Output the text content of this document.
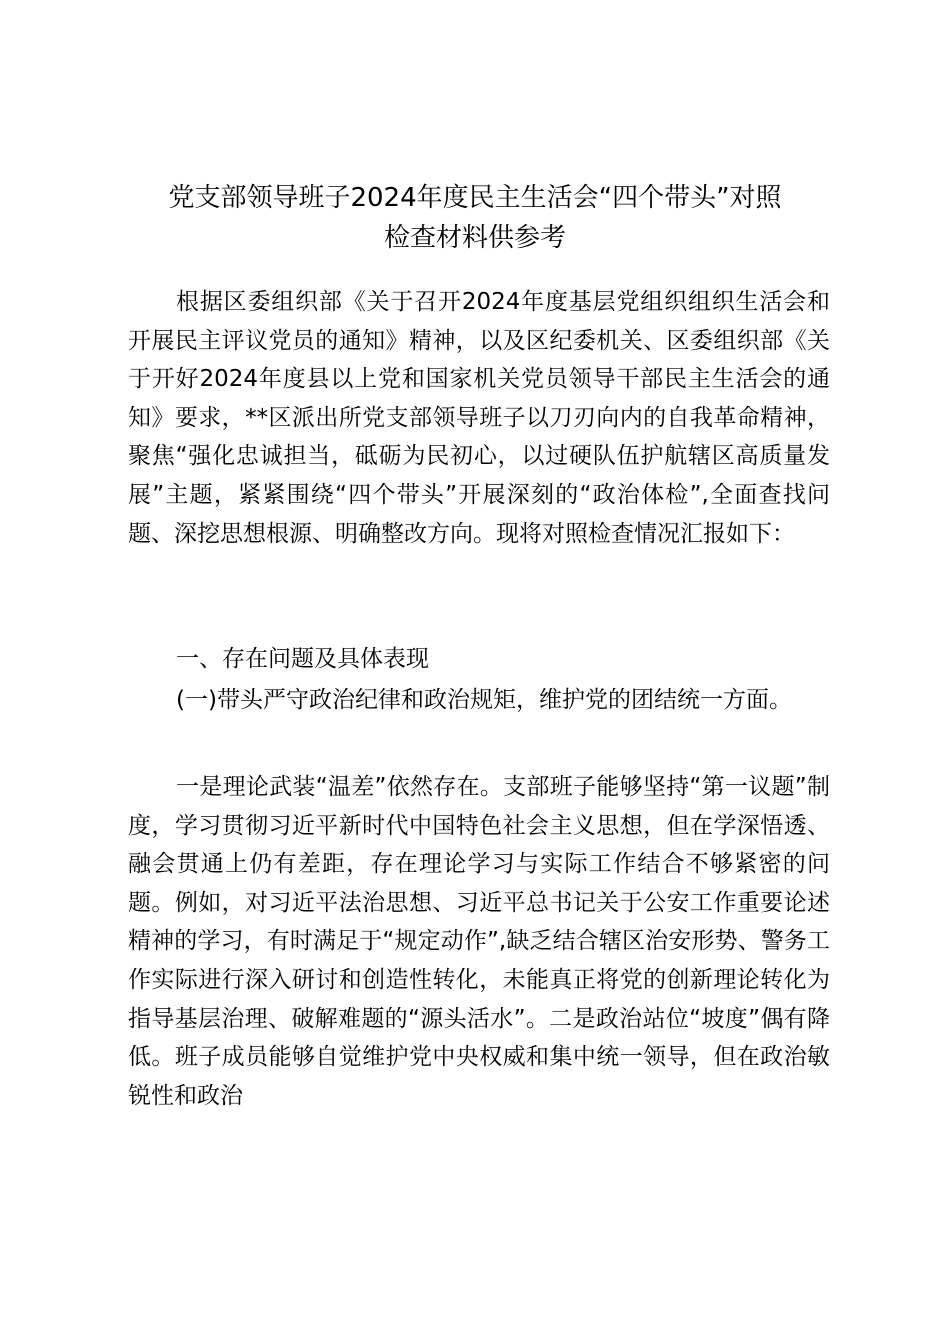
党支部领导班子2024年度民主生活会“四个带头”对照
检查材料供参考

根据区委组织部《关于召开2024年度基层党组织组织生活会和开展民主评议党员的通知》精神，以及区纪委机关、区委组织部《关于开好2024年度县以上党和国家机关党员领导干部民主生活会的通知》要求，**区派出所党支部领导班子以刀刃向内的自我革命精神，聚焦“强化忠诚担当，砥砺为民初心，以过硬队伍护航辖区高质量发展”主题，紧紧围绕“四个带头”开展深刻的“政治体检”,全面查找问题、深挖思想根源、明确整改方向。现将对照检查情况汇报如下：

一、存在问题及具体表现

(一)带头严守政治纪律和政治规矩，维护党的团结统一方面。

一是理论武装“温差”依然存在。支部班子能够坚持“第一议题”制度，学习贯彻习近平新时代中国特色社会主义思想，但在学深悟透、融会贯通上仍有差距，存在理论学习与实际工作结合不够紧密的问题。例如，对习近平法治思想、习近平总书记关于公安工作重要论述精神的学习，有时满足于“规定动作”,缺乏结合辖区治安形势、警务工作实际进行深入研讨和创造性转化，未能真正将党的创新理论转化为指导基层治理、破解难题的“源头活水”。二是政治站位“坡度”偶有降低。班子成员能够自觉维护党中央权威和集中统一领导，但在政治敏锐性和政治
